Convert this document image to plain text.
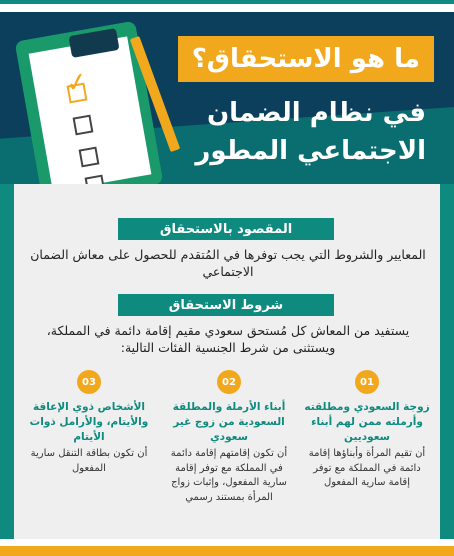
✓
ما هو الاستحقاق؟
في نظام الضمان
الاجتماعي المطور
المقصود بالاستحقاق
المعايير والشروط التي يجب توفرها في المُتقدم للحصول على معاش الضمان الاجتماعي
شروط الاستحقاق
يستفيد من المعاش كل مُستحق سعودي مقيم إقامة دائمة في المملكة، ويستثنى من شرط الجنسية الفئات التالية:
01
زوجة السعودي ومطلقته وأرملته ممن لهم أبناء سعوديين
أن تقيم المرأة وأبناؤها إقامة دائمة في المملكة مع توفر إقامة سارية المفعول
02
أبناء الأرملة والمطلقة السعودية من زوج غير سعودي
أن تكون إقامتهم إقامة دائمة في المملكة مع توفر إقامة سارية المفعول، وإثبات زواج المرأة بمستند رسمي
03
الأشخاص ذوي الإعاقة والأيتام، والأرامل ذوات الأيتام
أن تكون بطاقة التنقل سارية المفعول
